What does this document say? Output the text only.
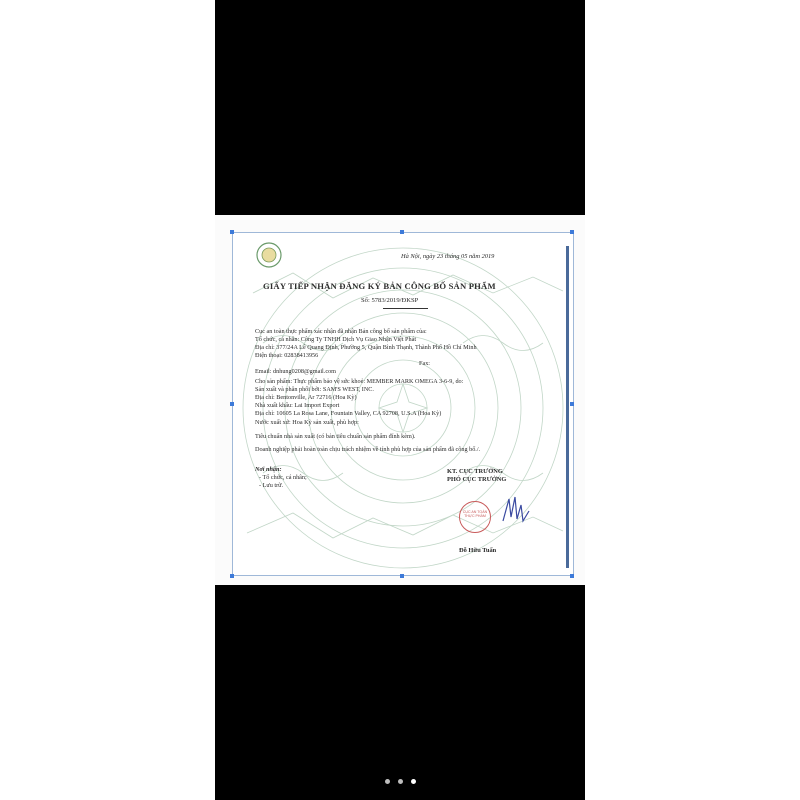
Hà Nội, ngày 23 tháng 05 năm 2019
GIẤY TIẾP NHẬN ĐĂNG KÝ BẢN CÔNG BỐ SẢN PHẨM
Số: 5783/2019/ĐKSP
Cục an toàn thực phẩm xác nhận đã nhận Bản công bố sản phẩm của:
Tổ chức, cá nhân: Công Ty TNHH Dịch Vụ Giao Nhận Việt Phát
Địa chỉ: 377/24A Lê Quang Định, Phường 5, Quận Bình Thạnh, Thành Phố Hồ Chí Minh
Điện thoại: 02838413956
Fax:
Email: dnhung0208@gmail.com
Cho sản phẩm: Thực phẩm bảo vệ sức khoẻ: MEMBER MARK OMEGA 3-6-9, do:
Sản xuất và phân phối bởi: SAM'S WEST, INC.
Địa chỉ: Bentonville, Ar 72716 (Hoa Kỳ)
Nhà xuất khẩu: Lai Import Export
Địa chỉ: 10605 La Rosa Lane, Fountain Valley, CA 92708, U.S.A (Hoa Kỳ)
Nước xuất xứ: Hoa Kỳ sản xuất, phù hợp:
Tiêu chuẩn nhà sản xuất (có bản tiêu chuẩn sản phẩm đính kèm).
Doanh nghiệp phải hoàn toàn chịu trách nhiệm về tính phù hợp của sản phẩm đã công bố./.
Nơi nhận:
- Tổ chức, cá nhân;
- Lưu trữ.
KT. CỤC TRƯỞNG
PHÓ CỤC TRƯỞNG
CỤC AN TOÀN THỰC PHẨM
Đỗ Hữu Tuấn
